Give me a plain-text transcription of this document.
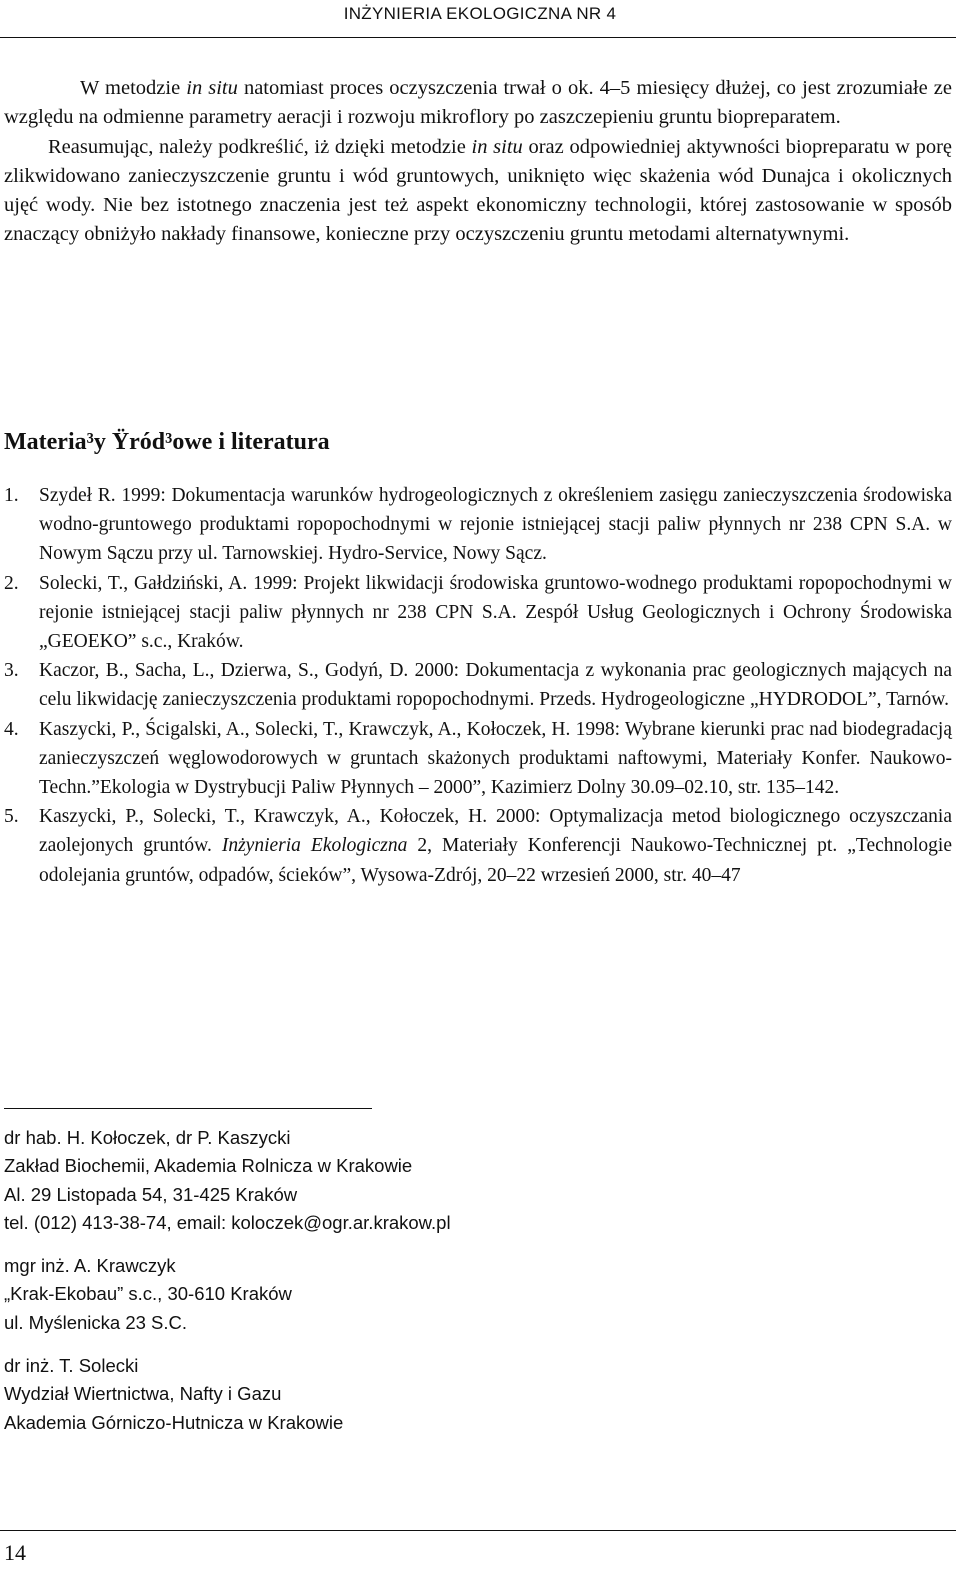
INŻYNIERIA EKOLOGICZNA NR 4

W metodzie in situ natomiast proces oczyszczenia trwał o ok. 4–5 miesięcy dłużej, co jest zrozumiałe ze względu na odmienne parametry aeracji i rozwoju mikroflory po zaszczepieniu gruntu biopreparatem.

Reasumując, należy podkreślić, iż dzięki metodzie in situ oraz odpowiedniej aktywności biopreparatu w porę zlikwidowano zanieczyszczenie gruntu i wód gruntowych, uniknięto więc skażenia wód Dunajca i okolicznych ujęć wody. Nie bez istotnego znaczenia jest też aspekt ekonomiczny technologii, której zastosowanie w sposób znaczący obniżyło nakłady finansowe, konieczne przy oczyszczeniu gruntu metodami alternatywnymi.

Materia³y Ÿród³owe i literatura
1. Szydeł R. 1999: Dokumentacja warunków hydrogeologicznych z określeniem zasięgu zanieczyszczenia środowiska wodno-gruntowego produktami ropopochodnymi w rejonie istniejącej stacji paliw płynnych nr 238 CPN S.A. w Nowym Sączu przy ul. Tarnowskiej. Hydro-Service, Nowy Sącz.
2. Solecki, T., Gałdziński, A. 1999: Projekt likwidacji środowiska gruntowo-wodnego produktami ropopochodnymi w rejonie istniejącej stacji paliw płynnych nr 238 CPN S.A. Zespół Usług Geologicznych i Ochrony Środowiska „GEOEKO” s.c., Kraków.
3. Kaczor, B., Sacha, L., Dzierwa, S., Godyń, D. 2000: Dokumentacja z wykonania prac geologicznych mających na celu likwidację zanieczyszczenia produktami ropopochodnymi. Przeds. Hydrogeologiczne „HYDRODOL”, Tarnów.
4. Kaszycki, P., Ścigalski, A., Solecki, T., Krawczyk, A., Kołoczek, H. 1998: Wybrane kierunki prac nad biodegradacją zanieczyszczeń węglowodorowych w gruntach skażonych produktami naftowymi, Materiały Konfer. Naukowo-Techn.”Ekologia w Dystrybucji Paliw Płynnych – 2000”, Kazimierz Dolny 30.09–02.10, str. 135–142.
5. Kaszycki, P., Solecki, T., Krawczyk, A., Kołoczek, H. 2000: Optymalizacja metod biologicznego oczyszczania zaolejonych gruntów. Inżynieria Ekologiczna 2, Materiały Konferencji Naukowo-Technicznej pt. „Technologie odolejania gruntów, odpadów, ścieków”, Wysowa-Zdrój, 20–22 wrzesień 2000, str. 40–47
dr hab. H. Kołoczek, dr P. Kaszycki
Zakład Biochemii, Akademia Rolnicza w Krakowie
Al. 29 Listopada 54, 31-425 Kraków
tel. (012) 413-38-74, email: koloczek@ogr.ar.krakow.pl
mgr inż. A. Krawczyk
„Krak-Ekobau” s.c., 30-610 Kraków
ul. Myślenicka 23 S.C.
dr inż. T. Solecki
Wydział Wiertnictwa, Nafty i Gazu
Akademia Górniczo-Hutnicza w Krakowie
14
